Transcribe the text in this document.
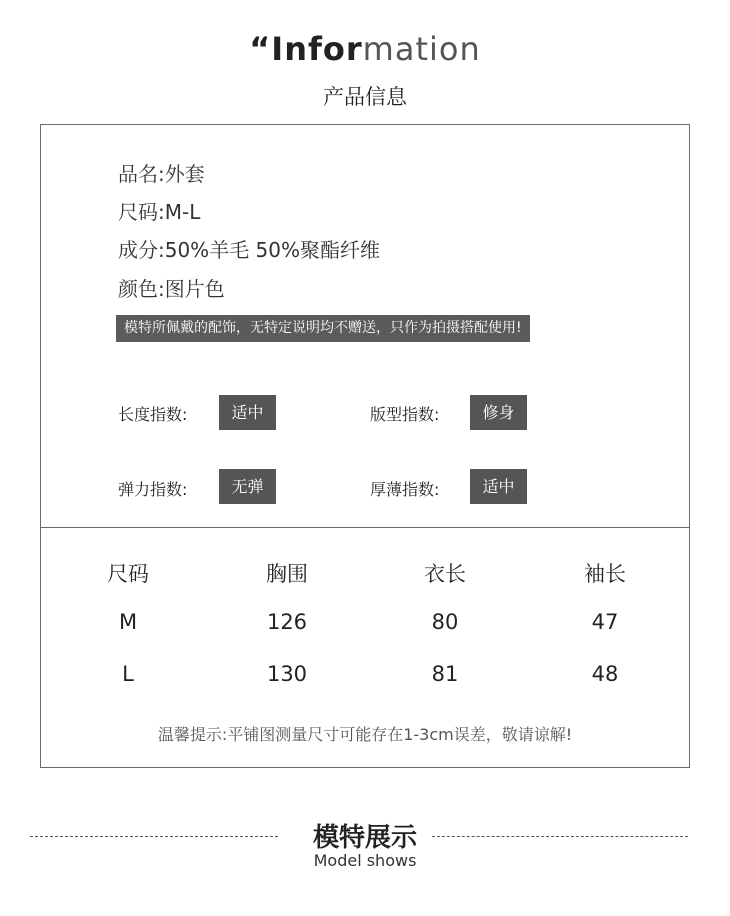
“Information
产品信息
品名:外套
尺码:M-L
成分:50%羊毛 50%聚酯纤维
颜色:图片色
模特所佩戴的配饰，无特定说明均不赠送，只作为拍摄搭配使用!
长度指数:	适中	版型指数:	修身
弹力指数:	无弹	厚薄指数:	适中
尺码	胸围	衣长	袖长
M	126	80	47
L	130	81	48
温馨提示:平铺图测量尺寸可能存在1-3cm误差，敬请谅解!
模特展示
Model shows
